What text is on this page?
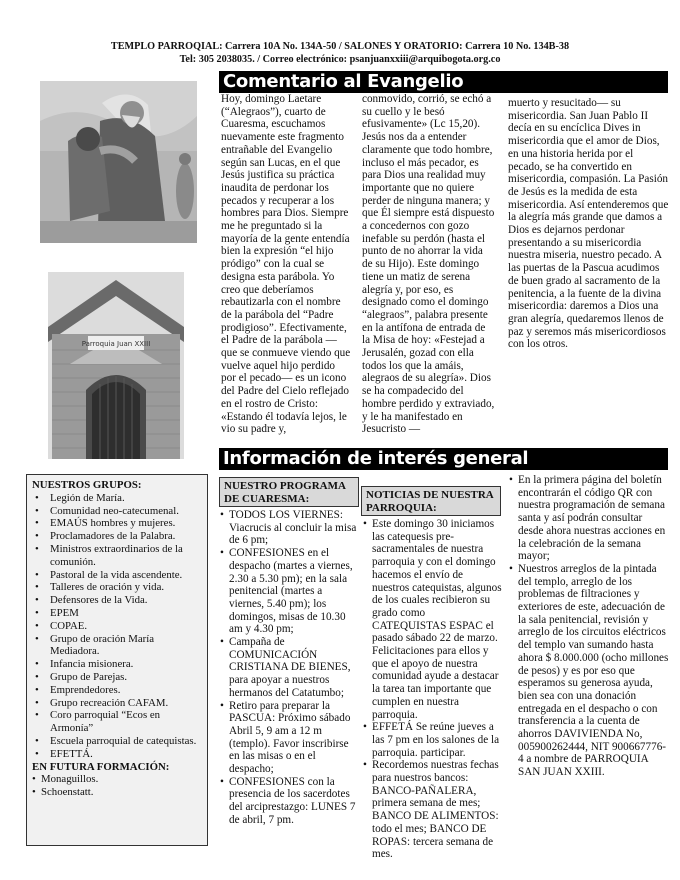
TEMPLO PARROQIAL: Carrera 10A No. 134A-50 / SALONES Y ORATORIO: Carrera 10 No. 134B-38
Tel: 305 2038035. / Correo electrónico: psanjuanxxiii@arquibogota.org.co
Parroquia Juan XXIII
Comentario al Evangelio

Hoy, domingo Laetare (“Alegraos”), cuarto de Cuaresma, escuchamos nuevamente este fragmento entrañable del Evangelio según san Lucas, en el que Jesús justifica su práctica inaudita de perdonar los pecados y recuperar a los hombres para Dios. Siempre me he preguntado si la mayoría de la gente entendía bien la expresión “el hijo pródigo” con la cual se designa esta parábola. Yo creo que deberíamos rebautizarla con el nombre de la parábola del “Padre prodigioso”. Efectivamente, el Padre de la parábola —que se conmueve viendo que vuelve aquel hijo perdido por el pecado— es un icono del Padre del Cielo reflejado en el rostro de Cristo: «Estando él todavía lejos, le vio su padre y,

conmovido, corrió, se echó a su cuello y le besó efusivamente» (Lc 15,20). Jesús nos da a entender claramente que todo hombre, incluso el más pecador, es para Dios una realidad muy importante que no quiere perder de ninguna manera; y que Él siempre está dispuesto a concedernos con gozo inefable su perdón (hasta el punto de no ahorrar la vida de su Hijo). Este domingo tiene un matiz de serena alegría y, por eso, es designado como el domingo “alegraos”, palabra presente en la antífona de entrada de la Misa de hoy: «Festejad a Jerusalén, gozad con ella todos los que la amáis, alegraos de su alegría». Dios se ha compadecido del hombre perdido y extraviado, y le ha manifestado en Jesucristo —

muerto y resucitado— su misericordia. San Juan Pablo II decía en su encíclica Dives in misericordia que el amor de Dios, en una historia herida por el pecado, se ha convertido en misericordia, compasión. La Pasión de Jesús es la medida de esta misericordia. Así entenderemos que la alegría más grande que damos a Dios es dejarnos perdonar presentando a su misericordia nuestra miseria, nuestro pecado. A las puertas de la Pascua acudimos de buen grado al sacramento de la penitencia, a la fuente de la divina misericordia: daremos a Dios una gran alegría, quedaremos llenos de paz y seremos más misericordiosos con los otros.

Información de interés general
NUESTROS GRUPOS:
• Legión de María.
• Comunidad neo-catecumenal.
• EMAÚS hombres y mujeres.
• Proclamadores de la Palabra.
• Ministros extraordinarios de la comunión.
• Pastoral de la vida ascendente.
• Talleres de oración y vida.
• Defensores de la Vida.
• EPEM
• COPAE.
• Grupo de oración María Mediadora.
• Infancia misionera.
• Grupo de Parejas.
• Emprendedores.
• Grupo recreación CAFAM.
• Coro parroquial “Ecos en Armonía”
• Escuela parroquial de catequistas.
• EFETTÁ.
EN FUTURA FORMACIÓN:
• Monaguillos.
• Schoenstatt.
NUESTRO PROGRAMA DE CUARESMA:
• TODOS LOS VIERNES: Viacrucis al concluir la misa de 6 pm;
• CONFESIONES en el despacho (martes a viernes, 2.30 a 5.30 pm); en la sala penitencial (martes a viernes, 5.40 pm); los domingos, misas de 10.30 am y 4.30 pm;
• Campaña de COMUNICACIÓN CRISTIANA DE BIENES, para apoyar a nuestros hermanos del Catatumbo;
• Retiro para preparar la PASCUA: Próximo sábado Abril 5, 9 am a 12 m (templo). Favor inscribirse en las misas o en el despacho;
• CONFESIONES con la presencia de los sacerdotes del arciprestazgo: LUNES 7 de abril, 7 pm.
NOTICIAS DE NUESTRA PARROQUIA:
• Este domingo 30 iniciamos las catequesis pre-sacramentales de nuestra parroquia y con el domingo hacemos el envío de nuestros catequistas, algunos de los cuales recibieron su grado como CATEQUISTAS ESPAC el pasado sábado 22 de marzo. Felicitaciones para ellos y que el apoyo de nuestra comunidad ayude a destacar la tarea tan importante que cumplen en nuestra parroquia.
• EFFETÁ Se reúne jueves a las 7 pm en los salones de la parroquia. participar.
• Recordemos nuestras fechas para nuestros bancos: BANCO-PAÑALERA, primera semana de mes; BANCO DE ALIMENTOS: todo el mes; BANCO DE ROPAS: tercera semana de mes.
• En la primera página del boletín encontrarán el código QR con nuestra programación de semana santa y así podrán consultar desde ahora nuestras acciones en la celebración de la semana mayor;
• Nuestros arreglos de la pintada del templo, arreglo de los problemas de filtraciones y exteriores de este, adecuación de la sala penitencial, revisión y arreglo de los circuitos eléctricos del templo van sumando hasta ahora $ 8.000.000 (ocho millones de pesos) y es por eso que esperamos su generosa ayuda, bien sea con una donación entregada en el despacho o con transferencia a la cuenta de ahorros DAVIVIENDA No, 005900262444, NIT 900667776-4 a nombre de PARROQUIA SAN JUAN XXIII.
